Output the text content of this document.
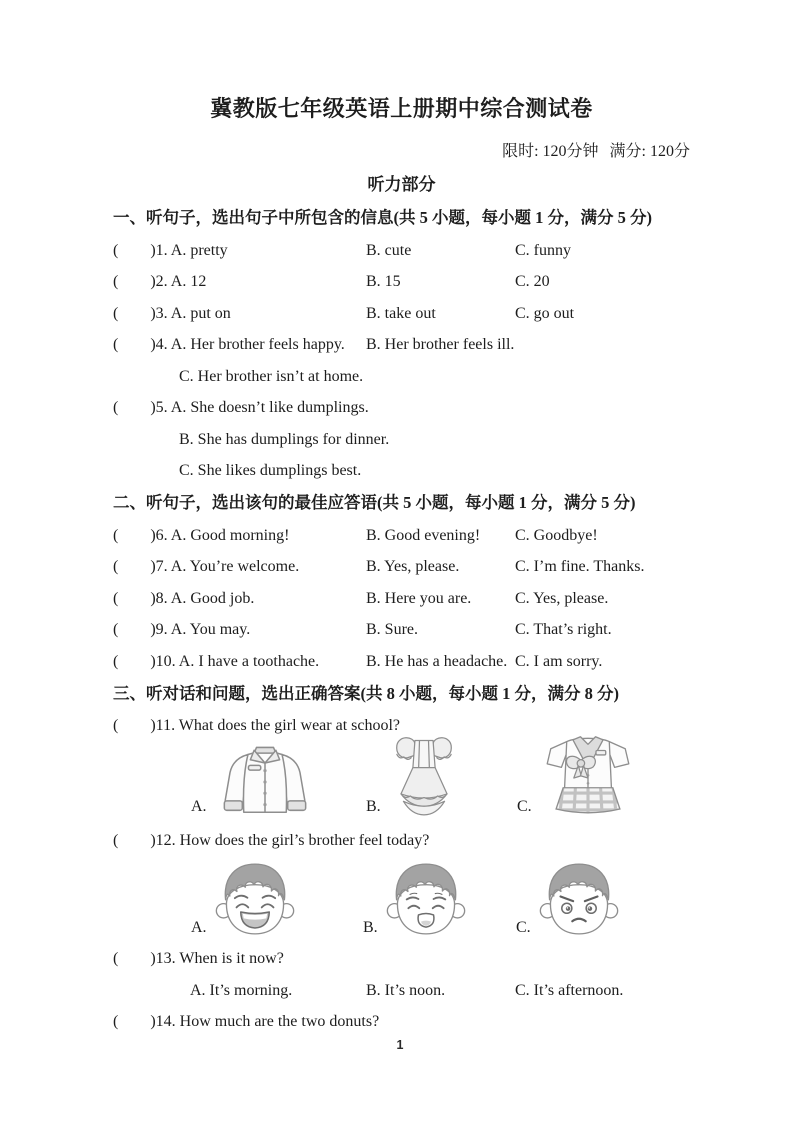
冀教版七年级英语上册期中综合测试卷
限时: 120分钟 满分: 120分
听力部分
一、听句子，选出句子中所包含的信息(共 5 小题，每小题 1 分，满分 5 分)
(　　)1. A. pretty	B. cute	C. funny
(　　)2. A. 12	B. 15	C. 20
(　　)3. A. put on	B. take out	C. go out
(　　)4. A. Her brother feels happy.	B. Her brother feels ill.
C. Her brother isn’t at home.
(　　)5. A. She doesn’t like dumplings.
B. She has dumplings for dinner.
C. She likes dumplings best.
二、听句子，选出该句的最佳应答语(共 5 小题，每小题 1 分，满分 5 分)
(　　)6. A. Good morning!	B. Good evening!	C. Goodbye!
(　　)7. A. You’re welcome.	B. Yes, please.	C. I’m fine. Thanks.
(　　)8. A. Good job.	B. Here you are.	C. Yes, please.
(　　)9. A. You may.	B. Sure.	C. That’s right.
(　　)10. A. I have a toothache.	B. He has a headache. C. I am sorry.
三、听对话和问题，选出正确答案(共 8 小题，每小题 1 分，满分 8 分)
(　　)11. What does the girl wear at school?
A.	B.	C.
(　　)12. How does the girl’s brother feel today?
A.	B.	C.
(　　)13. When is it now?
A. It’s morning.	B. It’s noon.	C. It’s afternoon.
(　　)14. How much are the two donuts?
1
